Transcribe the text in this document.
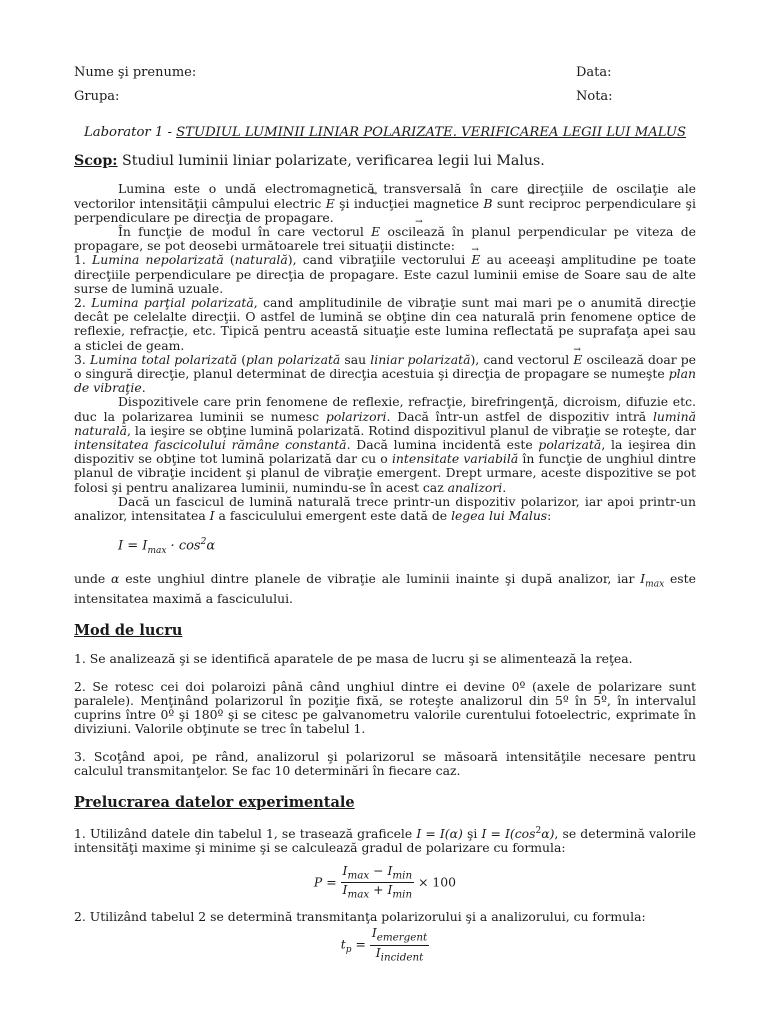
Nume şi prenume:	Data:
Grupa:	Nota:
Laborator 1 - STUDIUL LUMINII LINIAR POLARIZATE. VERIFICAREA LEGII LUI MALUS
Scop: Studiul luminii liniar polarizate, verificarea legii lui Malus.

Lumina este o undă electromagnetică transversală în care direcţiile de oscilaţie ale vectorilor intensităţii câmpului electric → E şi inducţiei magnetice → B sunt reciproc perpendiculare şi perpendiculare pe direcţia de propagare.

În funcţie de modul în care vectorul → E oscilează în planul perpendicular pe viteza de propagare, se pot deosebi următoarele trei situaţii distincte:

1. Lumina nepolarizată (naturală), cand vibraţiile vectorului → E au aceeaşi amplitudine pe toate direcţiile perpendiculare pe direcţia de propagare. Este cazul luminii emise de Soare sau de alte surse de lumină uzuale.

2. Lumina parţial polarizată, cand amplitudinile de vibraţie sunt mai mari pe o anumită direcţie decât pe celelalte direcţii. O astfel de lumină se obţine din cea naturală prin fenomene optice de reflexie, refracţie, etc. Tipică pentru această situaţie este lumina reflectată pe suprafaţa apei sau a sticlei de geam.

3. Lumina total polarizată (plan polarizată sau liniar polarizată), cand vectorul → E oscilează doar pe o singură direcţie, planul determinat de direcţia acestuia şi direcţia de propagare se numeşte plan de vibraţie.

Dispozitivele care prin fenomene de reflexie, refracţie, birefringenţă, dicroism, difuzie etc. duc la polarizarea luminii se numesc polarizori. Dacă într-un astfel de dispozitiv intră lumină naturală, la ieşire se obţine lumină polarizată. Rotind dispozitivul planul de vibraţie se roteşte, dar intensitatea fascicolului rămâne constantă. Dacă lumina incidentă este polarizată, la ieşirea din dispozitiv se obţine tot lumină polarizată dar cu o intensitate variabilă în funcţie de unghiul dintre planul de vibraţie incident şi planul de vibraţie emergent. Drept urmare, aceste dispozitive se pot folosi şi pentru analizarea luminii, numindu-se în acest caz analizori.

Dacă un fascicul de lumină naturală trece printr-un dispozitiv polarizor, iar apoi printr-un analizor, intensitatea I a fasciculului emergent este dată de legea lui Malus:

$I = I_{max} \cdot \cos^2\alpha$

unde α este unghiul dintre planele de vibraţie ale luminii inainte şi după analizor, iar $I_{max}$ este intensitatea maximă a fasciculului.

Mod de lucru

1. Se analizează şi se identifică aparatele de pe masa de lucru şi se alimentează la reţea.

2. Se rotesc cei doi polaroizi până când unghiul dintre ei devine 0º (axele de polarizare sunt paralele). Menţinând polarizorul în poziţie fixă, se roteşte analizorul din 5º în 5º, în intervalul cuprins între 0º şi 180º şi se citesc pe galvanometru valorile curentului fotoelectric, exprimate în diviziuni. Valorile obţinute se trec în tabelul 1.

3. Scoţând apoi, pe rând, analizorul şi polarizorul se măsoară intensităţile necesare pentru calculul transmitanţelor. Se fac 10 determinări în fiecare caz.

Prelucrarea datelor experimentale

1. Utilizând datele din tabelul 1, se trasează graficele I = I(α) şi $I = I(\cos^2\alpha)$, se determină valorile intensităţi maxime şi minime şi se calculează gradul de polarizare cu formula:

$P = \frac{I_{max} - I_{min}}{I_{max} + I_{min}} \times 100$

2. Utilizând tabelul 2 se determină transmitanţa polarizorului şi a analizorului, cu formula:

$t_p = \frac{I_{emergent}}{I_{incident}}$
